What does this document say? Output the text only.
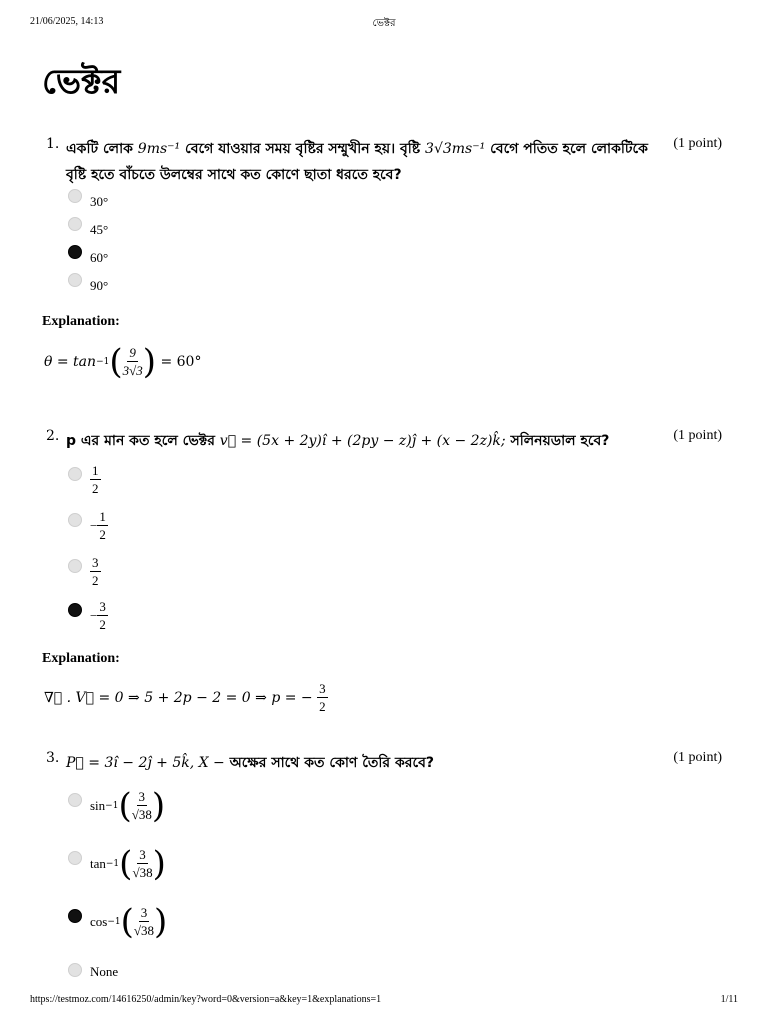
21/06/2025, 14:13	ভেক্টর
https://testmoz.com/14616250/admin/key?word=0&version=a&key=1&explanations=1	1/11
ভেক্টর
1. একটি লোক 9ms⁻¹ বেগে যাওয়ার সময় বৃষ্টির সম্মুখীন হয়। বৃষ্টি 3√3ms⁻¹ বেগে পতিত হলে লোকটিকে বৃষ্টি হতে বাঁচতে উলম্বের সাথে কত কোণে ছাতা ধরতে হবে?
(1 point)
30°
45°
60°
90°
Explanation:
θ = tan −1 ( $\frac{9}{3√3}$ )
= 60°
2. p এর মান কত হলে ভেক্টর v⃗ = (5x + 2y)î + (2py − z)ĵ + (x − 2z)k̂; সলিনয়ডাল হবে?	(1 point)
$\frac{1}{2}$
− $\frac{1}{2}$
$\frac{3}{2}$
− $\frac{3}{2}$
Explanation:
∇⃗ . V⃗ = 0 ⇒ 5 + 2p − 2 = 0 ⇒ p = −
$\frac{3}{2}$
3. P⃗ = 3î − 2ĵ + 5k̂, X − অক্ষের সাথে কত কোণ তৈরি করবে?	(1 point)
sin −1 ( $\frac{3}{√38}$ )
tan −1 ( $\frac{3}{√38}$ )
cos −1 ( $\frac{3}{√38}$ )
None
